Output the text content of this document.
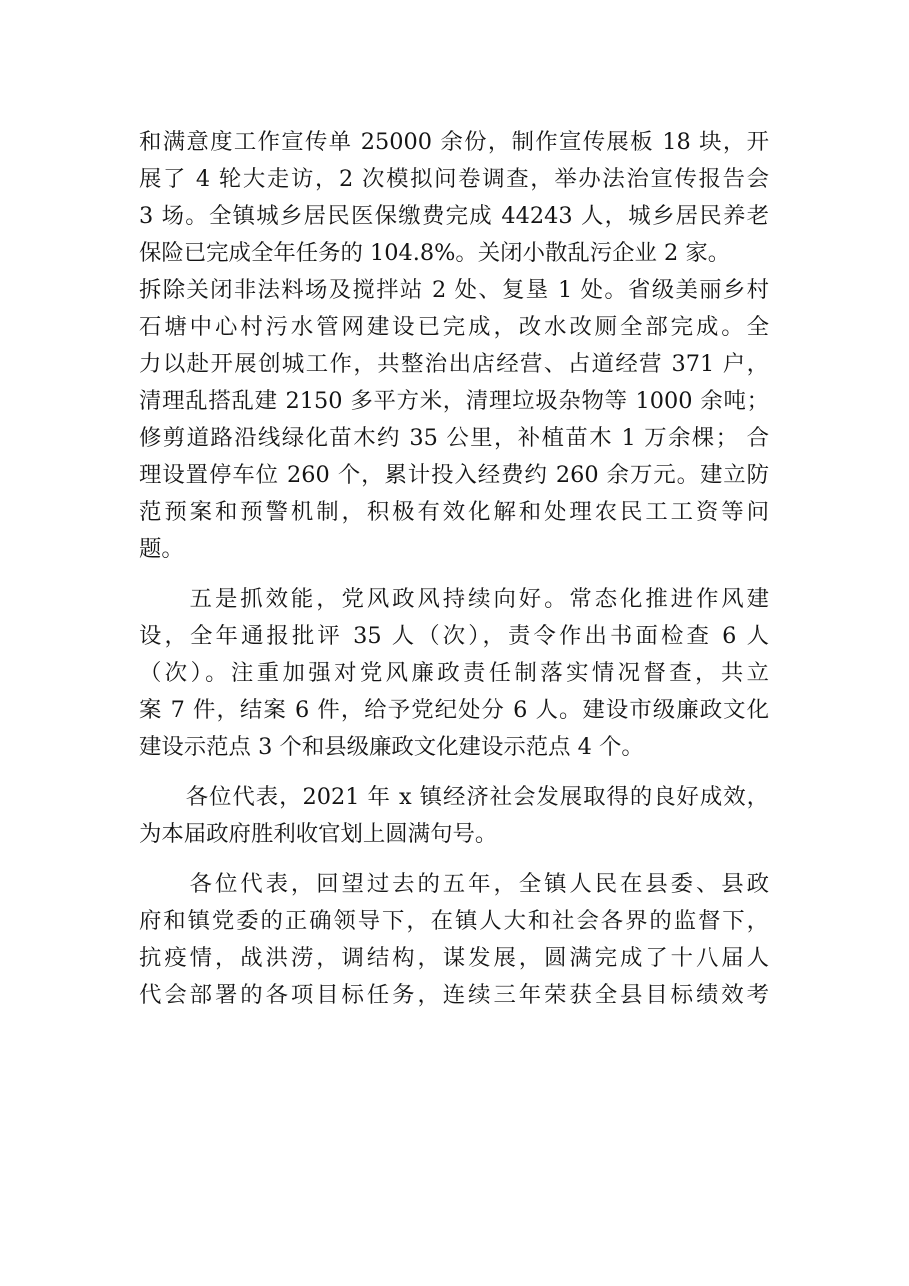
和满意度工作宣传单 25000 余份，制作宣传展板 18 块，开
展了 4 轮大走访，2 次模拟问卷调查，举办法治宣传报告会
3 场。全镇城乡居民医保缴费完成 44243 人，城乡居民养老
保险已完成全年任务的 104.8%。关闭小散乱污企业 2 家。
拆除关闭非法料场及搅拌站 2 处、复垦 1 处。省级美丽乡村
石塘中心村污水管网建设已完成，改水改厕全部完成。全
力以赴开展创城工作，共整治出店经营、占道经营 371 户，
清理乱搭乱建 2150 多平方米，清理垃圾杂物等 1000 余吨；
修剪道路沿线绿化苗木约 35 公里，补植苗木 1 万余棵； 合
理设置停车位 260 个，累计投入经费约 260 余万元。建立防
范预案和预警机制，积极有效化解和处理农民工工资等问
题。
　　五是抓效能，党风政风持续向好。常态化推进作风建
设，全年通报批评 35 人（次），责令作出书面检查 6 人
（次）。注重加强对党风廉政责任制落实情况督查，共立
案 7 件，结案 6 件，给予党纪处分 6 人。建设市级廉政文化
建设示范点 3 个和县级廉政文化建设示范点 4 个。
　　各位代表，2021 年 x 镇经济社会发展取得的良好成效，
为本届政府胜利收官划上圆满句号。
　　各位代表，回望过去的五年，全镇人民在县委、县政
府和镇党委的正确领导下，在镇人大和社会各界的监督下，
抗疫情，战洪涝，调结构，谋发展，圆满完成了十八届人
代会部署的各项目标任务，连续三年荣获全县目标绩效考
